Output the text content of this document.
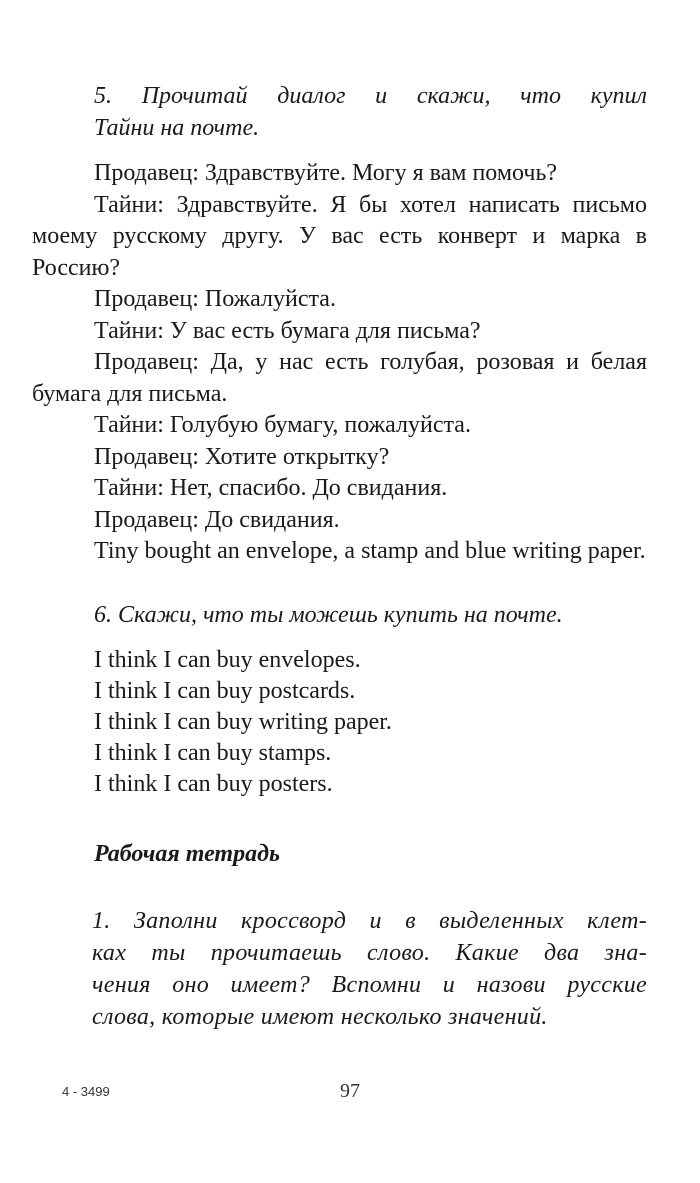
5. Прочитай диалог и скажи, что купил
Тайни на почте.

Продавец: Здравствуйте. Могу я вам помочь?

Тайни: Здравствуйте. Я бы хотел написать письмо моему русскому другу. У вас есть конверт и марка в Россию?

Продавец: Пожалуйста.

Тайни: У вас есть бумага для письма?

Продавец: Да, у нас есть голубая, розовая и белая бумага для письма.

Тайни: Голубую бумагу, пожалуйста.

Продавец: Хотите открытку?

Тайни: Нет, спасибо. До свидания.

Продавец: До свидания.

Tiny bought an envelope, a stamp and blue writing paper.

6. Скажи, что ты можешь купить на почте.

I think I can buy envelopes.

I think I can buy postcards.

I think I can buy writing paper.

I think I can buy stamps.

I think I can buy posters.

Рабочая тетрадь
1. Заполни кроссворд и в выделенных клет-
ках ты прочитаешь слово. Какие два зна-
чения оно имеет? Вспомни и назови русские
слова, которые имеют несколько значений.
4 - 3499	97
